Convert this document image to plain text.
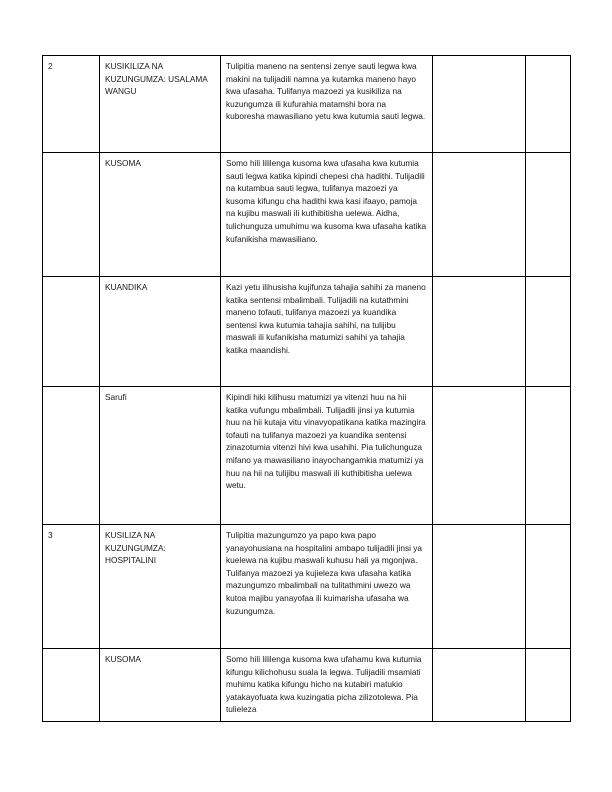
2	KUSIKILIZA NA KUZUNGUMZA: USALAMA WANGU	Tulipitia maneno na sentensi zenye sauti legwa kwa makini na tulijadili namna ya kutamka maneno hayo kwa ufasaha. Tulifanya mazoezi ya kusikiliza na kuzungumza ili kufurahia matamshi bora na kuboresha mawasiliano yetu kwa kutumia sauti legwa.		
	KUSOMA	Somo hili lililenga kusoma kwa ufasaha kwa kutumia sauti legwa katika kipindi chepesi cha hadithi. Tulijadili na kutambua sauti legwa, tulifanya mazoezi ya kusoma kifungu cha hadithi kwa kasi ifaayo, pamoja na kujibu maswali ili kuthibitisha uelewa. Aidha, tulichunguza umuhimu wa kusoma kwa ufasaha katika kufanikisha mawasiliano.		
	KUANDIKA	Kazi yetu ilihusisha kujifunza tahajia sahihi za maneno katika sentensi mbalimbali. Tulijadili na kutathmini maneno tofauti, tulifanya mazoezi ya kuandika sentensi kwa kutumia tahajia sahihi, na tulijibu maswali ili kufanikisha matumizi sahihi ya tahajia katika maandishi.		
	Sarufi	Kipindi hiki kilihusu matumizi ya vitenzi huu na hii katika vufungu mbalimbali. Tulijadili jinsi ya kutumia huu na hii kutaja vitu vinavyopatikana katika mazingira tofauti na tulifanya mazoezi ya kuandika sentensi zinazotumia vitenzi hivi kwa usahihi. Pia tulichunguza mifano ya mawasiliano inayochangamkia matumizi ya huu na hii na tulijibu maswali ili kuthibitisha uelewa wetu.		
3	KUSILIZA NA KUZUNGUMZA: HOSPITALINI	Tulipitia mazungumzo ya papo kwa papo yanayohusiana na hospitalini ambapo tulijadili jinsi ya kuelewa na kujibu maswali kuhusu hali ya mgonjwa. Tulifanya mazoezi ya kujieleza kwa ufasaha katika mazungumzo mbalimbali na tulitathmini uwezo wa kutoa majibu yanayofaa ili kuimarisha ufasaha wa kuzungumza.		
	KUSOMA	Somo hili lililenga kusoma kwa ufahamu kwa kutumia kifungu kilichohusu suala la legwa. Tulijadili msamiati muhimu katika kifungu hicho na kutabiri matukio yatakayofuata kwa kuzingatia picha zilizotolewa. Pia tulieleza		
